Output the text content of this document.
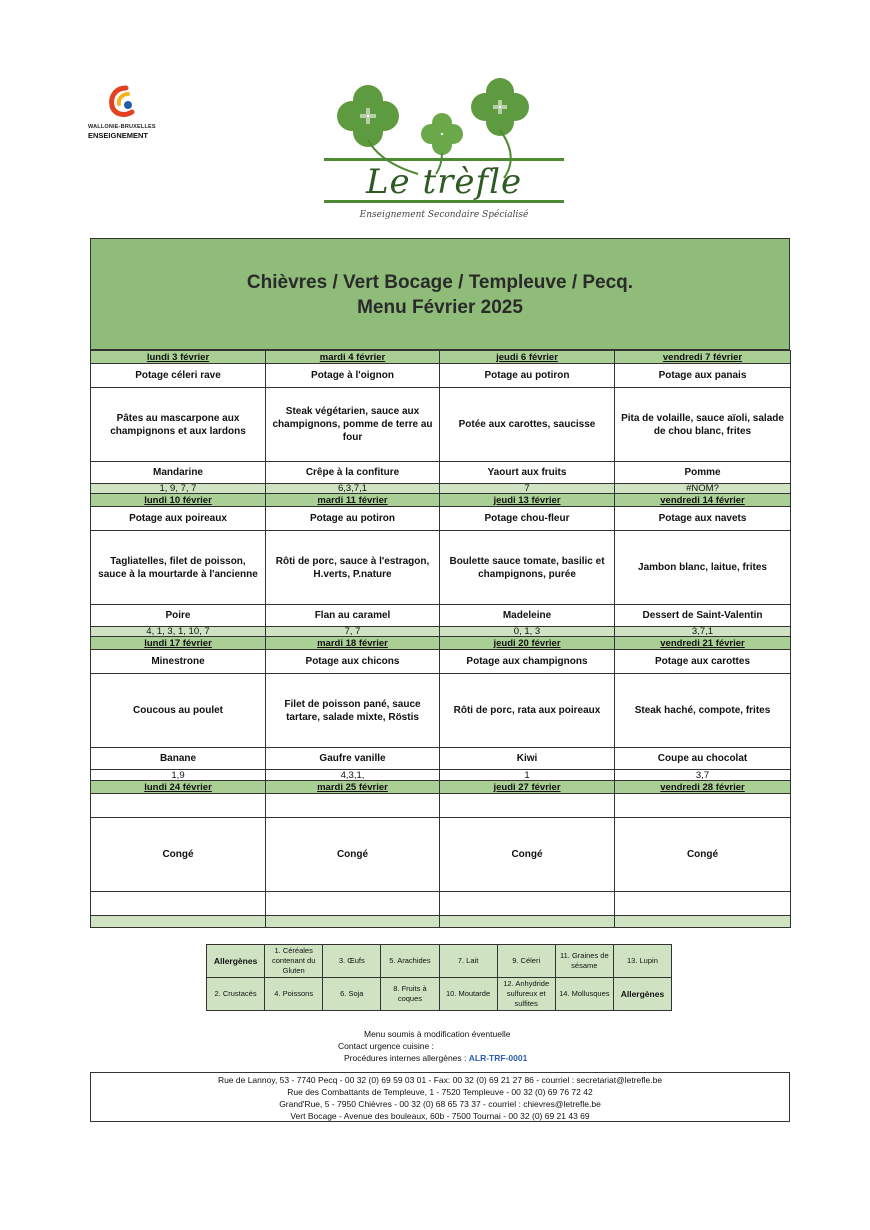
WALLONIE-BRUXELLES
ENSEIGNEMENT
Le trèfle
Enseignement Secondaire Spécialisé
Chièvres / Vert Bocage / Templeuve / Pecq.
Menu Février 2025
lundi 3 février	mardi 4 février	jeudi 6 février	vendredi 7 février
Potage céleri rave	Potage à l'oignon	Potage au potiron	Potage aux panais
Pâtes au mascarpone aux champignons et aux lardons	Steak végétarien, sauce aux champignons, pomme de terre au four	Potée aux carottes, saucisse	Pita de volaille, sauce aïoli, salade de chou blanc, frites
Mandarine	Crêpe à la confiture	Yaourt aux fruits	Pomme
1, 9, 7, 7	6,3,7,1	7	#NOM?
lundi 10 février	mardi 11 février	jeudi 13 février	vendredi 14 février
Potage aux poireaux	Potage au potiron	Potage chou-fleur	Potage aux navets
Tagliatelles, filet de poisson, sauce à la mourtarde à l'ancienne	Rôti de porc, sauce à l'estragon, H.verts, P.nature	Boulette sauce tomate, basilic et champignons, purée	Jambon blanc, laitue, frites
Poire	Flan au caramel	Madeleine	Dessert de Saint-Valentin
4, 1, 3, 1, 10, 7	7, 7	0, 1, 3	3,7,1
lundi 17 février	mardi 18 février	jeudi 20 février	vendredi 21 février
Minestrone	Potage aux chicons	Potage aux champignons	Potage aux carottes
Coucous au poulet	Filet de poisson pané, sauce tartare, salade mixte, Röstis	Rôti de porc, rata aux poireaux	Steak haché, compote, frites
Banane	Gaufre vanille	Kiwi	Coupe au chocolat
1,9	4,3,1,	1	3,7
lundi 24 février	mardi 25 février	jeudi 27 février	vendredi 28 février

Congé	Congé	Congé	Congé

Allergènes	1. Céréales contenant du Gluten	3. Œufs	5. Arachides	7. Lait	9. Céleri	11. Graines de sésame	13. Lupin
2. Crustacés	4. Poissons	6. Soja	8. Fruits à coques	10. Moutarde	12. Anhydride sulfureux et sulfites	14. Mollusques	Allergènes
Menu soumis à modification éventuelle
Contact urgence cuisine :
Procédures internes allergènes : ALR-TRF-0001
Rue de Lannoy, 53 - 7740 Pecq - 00 32 (0) 69 59 03 01 - Fax: 00 32 (0) 69 21 27 86 - courriel : secretariat@letrefle.be
Rue des Combattants de Templeuve, 1 - 7520 Templeuve - 00 32 (0) 69 76 72 42
Grand'Rue, 5 - 7950 Chièvres - 00 32 (0) 68 65 73 37 - courriel : chievres@letrefle.be
Vert Bocage - Avenue des bouleaux, 60b - 7500 Tournai - 00 32 (0) 69 21 43 69
